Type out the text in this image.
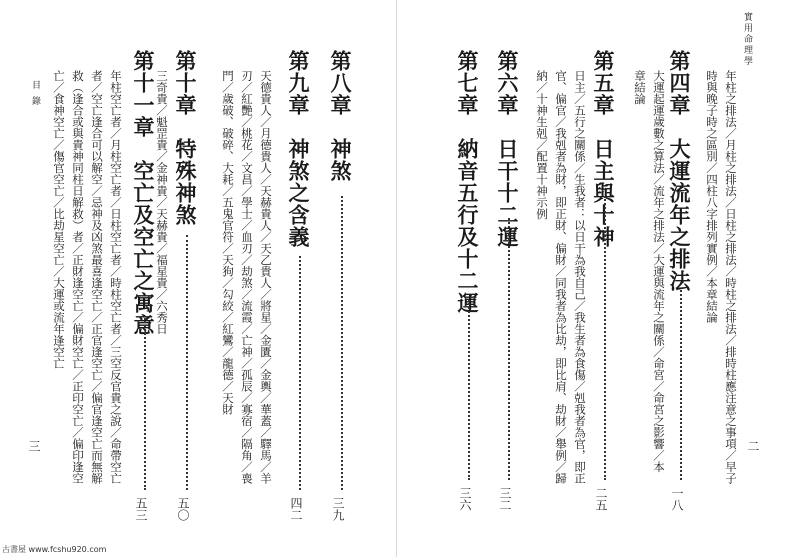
目 錄	第八章　神煞
三九
第九章　神煞之含義
四二
天德貴人／月德貴人／天赫貴人／天乙貴人／將星／金匱／金輿／華蓋／驛馬／羊刃／紅艷／桃花／文昌／學士／血刃／劫煞／流霞／亡神／孤辰／寡宿／隔角／喪門／歲破、破碎、大耗／五鬼官符／天狗／勾絞／紅鸞／龍德／天財
第十章　特殊神煞
五〇
三奇貴／魁罡貴／金神貴／天赫貴／福星貴／六秀日
第十一章　空亡及空亡之寓意
五三
年柱空亡者／月柱空亡者／日柱空亡者／時柱空亡者／三空反官貴之說／命帶空亡者／空亡逢合可以解空／忌神及凶煞最喜逢空亡／正官逢空亡／偏官逢空亡而無解救（逢合或與貴神同柱日解救）者／正財逢空亡／偏財空亡／正印空亡／偏印逢空亡／食神空亡／傷官空亡／比劫星空亡／大運或流年逢空亡
三
實用命理學
年柱之排法／月柱之排法／日柱之排法／時柱之排法／排時柱應注意之事項／早子時與晚子時之區別／四柱八字排列實例／本章結論
第四章　大運流年之排法
一八
大運起運歲數之算法／流年之排法／大運與流年之關係／命宮／命宮之影響／本章結論
第五章　日主與十神
二五
日主／五行之關係／生我者：以日干為我自己／我生者為食傷／剋我者為官，即正官、偏官／我剋者為財，即正財、偏財／同我者為比劫，即比肩、劫財／舉例／歸納／十神生剋／配置十神示例
第六章　日干十二運
三二
第七章　納音五行及十二運
三六
二
古書屋 www.fcshu920.com
